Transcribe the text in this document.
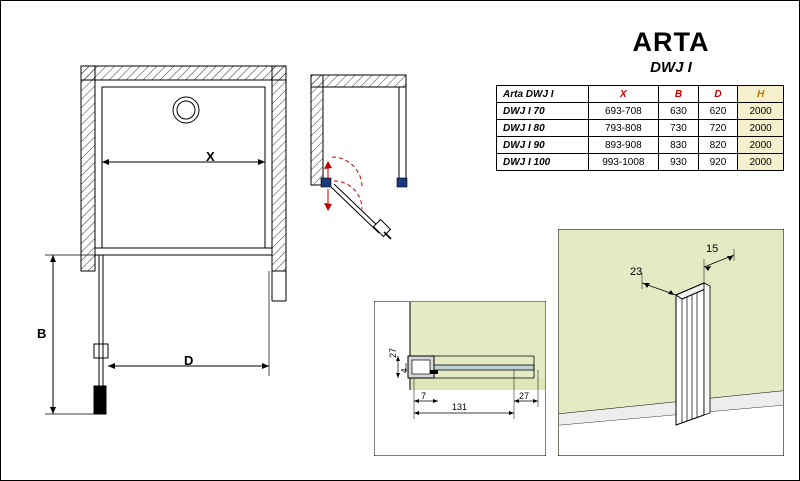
ARTA
DWJ I
Arta DWJ I	X	B	D	H
DWJ I 70	693-708	630	620	2000
DWJ I 80	793-808	730	720	2000
DWJ I 90	893-908	830	820	2000
DWJ I 100	993-1008	930	920	2000
X
B
D
27
4
7
131
27
23
15
